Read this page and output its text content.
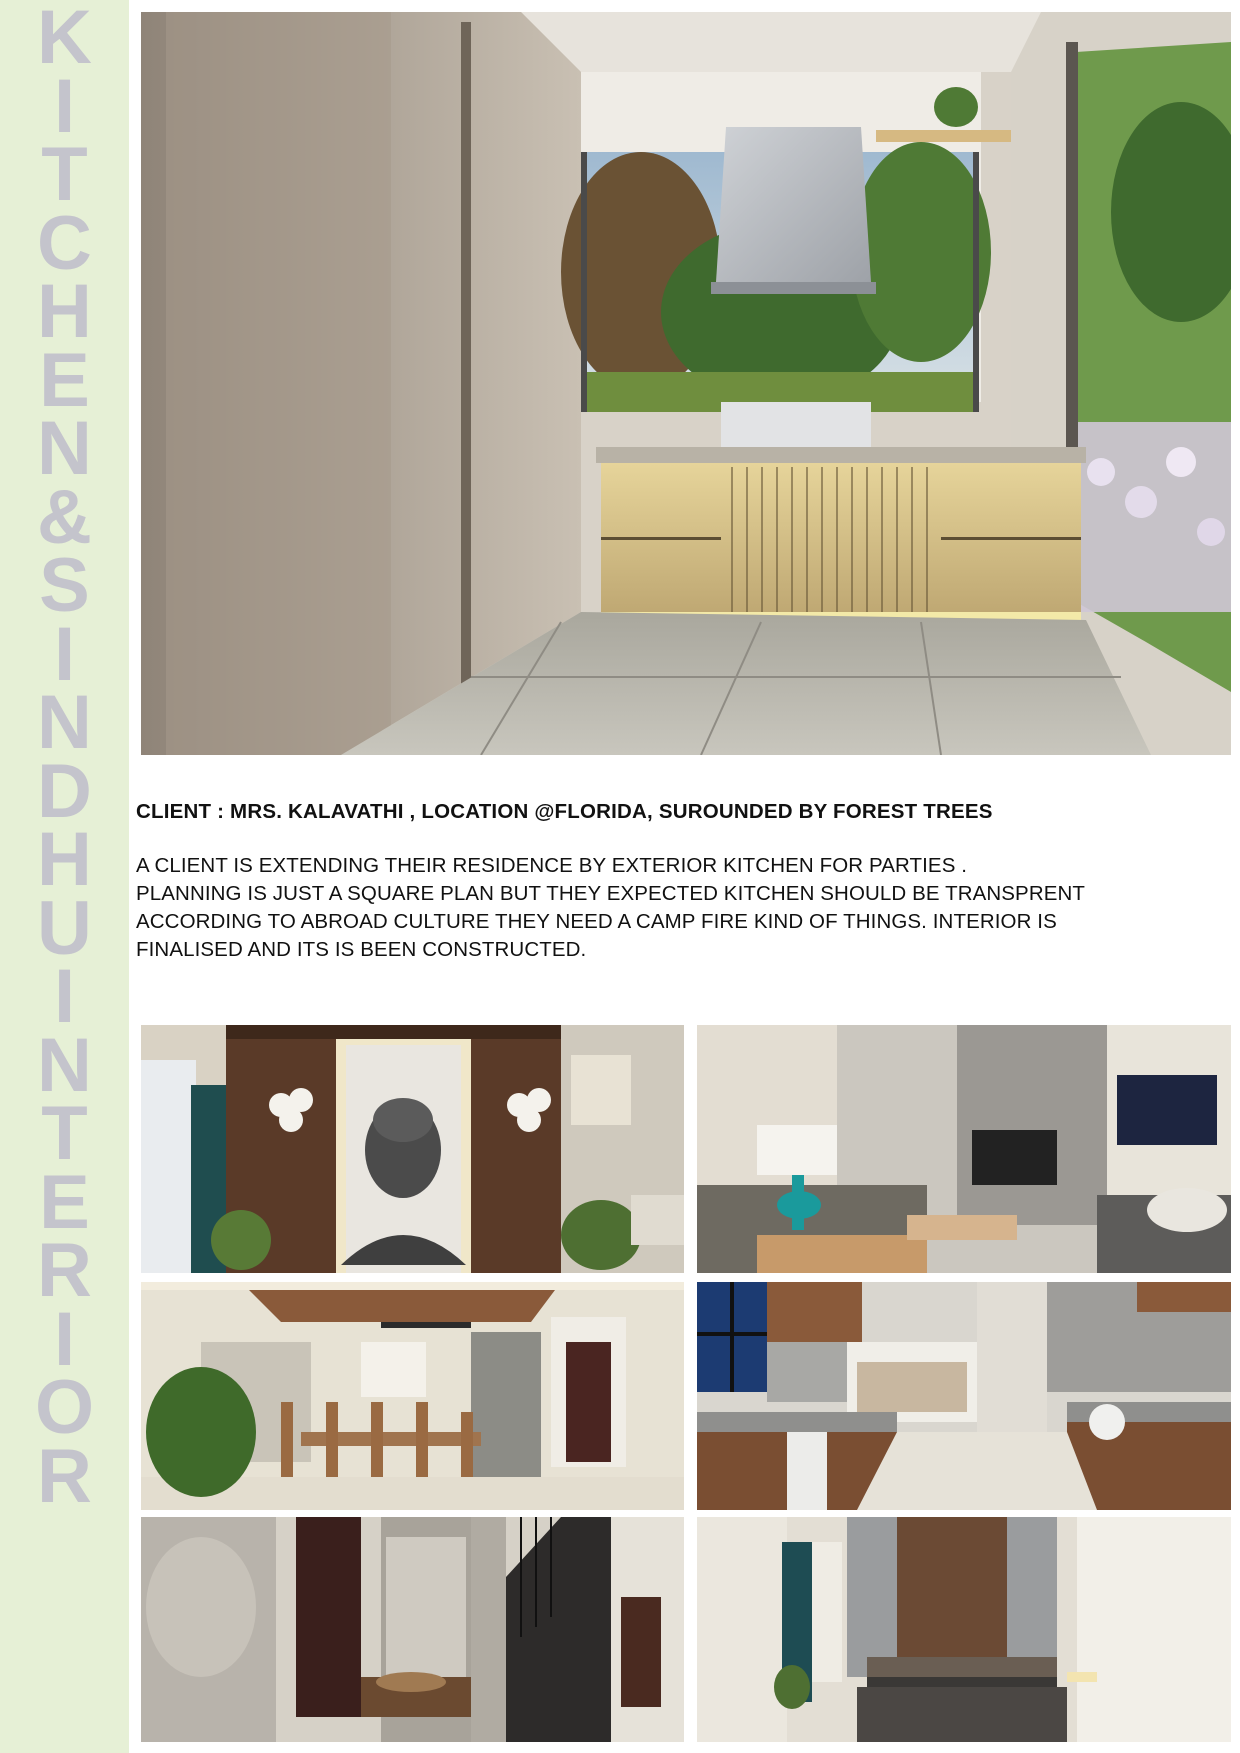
K
I
T
C
H
E
N
&
S
I
N
D
H
U
I
N
T
E
R
I
O
R
CLIENT : MRS. KALAVATHI , LOCATION @FLORIDA, SUROUNDED BY FOREST TREES

A CLIENT IS EXTENDING THEIR RESIDENCE BY EXTERIOR KITCHEN FOR PARTIES .

PLANNING IS JUST A SQUARE PLAN BUT THEY EXPECTED KITCHEN SHOULD BE TRANSPRENT

ACCORDING TO ABROAD CULTURE THEY NEED A CAMP FIRE KIND OF THINGS. INTERIOR IS

FINALISED AND ITS IS BEEN CONSTRUCTED.
